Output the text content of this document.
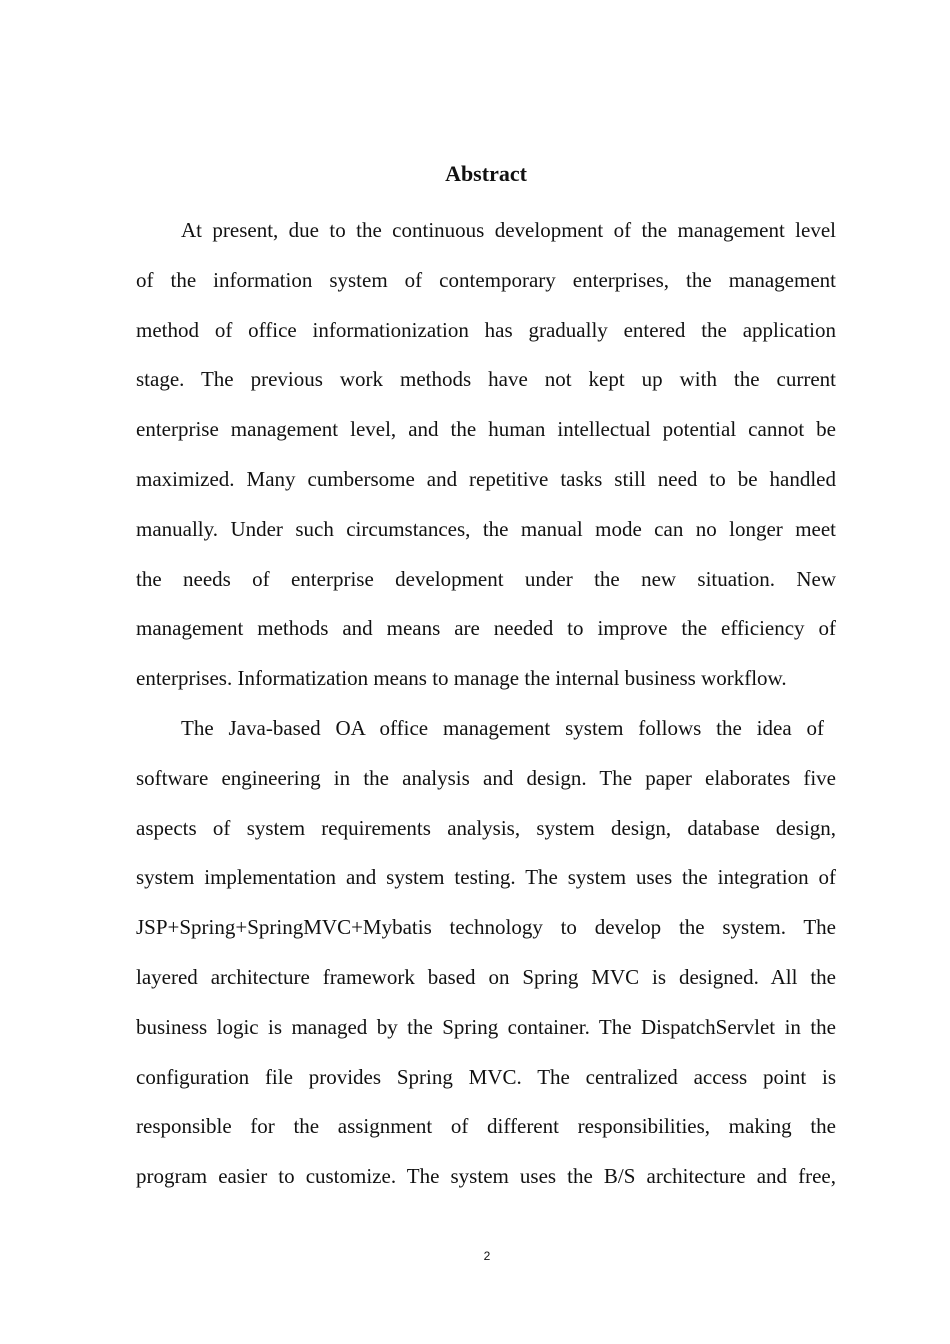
Abstract
At present, due to the continuous development of the management level
of the information system of contemporary enterprises, the management
method of office informationization has gradually entered the application
stage. The previous work methods have not kept up with the current
enterprise management level, and the human intellectual potential cannot be
maximized. Many cumbersome and repetitive tasks still need to be handled
manually. Under such circumstances, the manual mode can no longer meet
the needs of enterprise development under the new situation. New
management methods and means are needed to improve the efficiency of
enterprises. Informatization means to manage the internal business workflow.
The Java-based OA office management system follows the idea of
software engineering in the analysis and design. The paper elaborates five
aspects of system requirements analysis, system design, database design,
system implementation and system testing. The system uses the integration of
JSP+Spring+SpringMVC+Mybatis technology to develop the system. The
layered architecture framework based on Spring MVC is designed. All the
business logic is managed by the Spring container. The DispatchServlet in the
configuration file provides Spring MVC. The centralized access point is
responsible for the assignment of different responsibilities, making the
program easier to customize. The system uses the B/S architecture and free,
2
